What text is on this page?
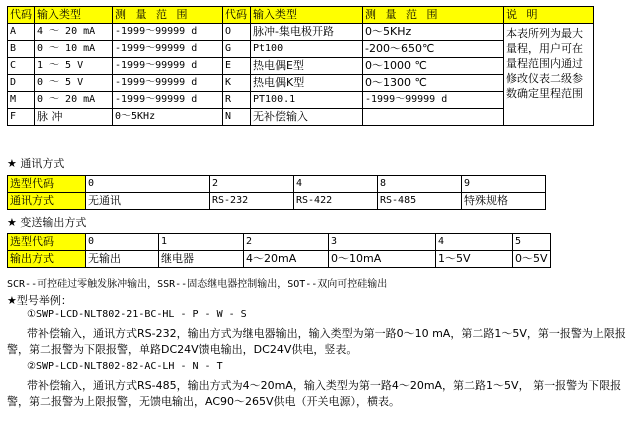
代码	输入类型	测 量 范 围	代码	输入类型	测 量 范 围	说 明
A	4 ～ 20 mA	-1999～99999 d	O	脉冲-集电极开路	0～5KHz	本表所列为最大量程，用户可在量程范围内通过修改仪表二级参数确定里程范围
B	0 ～ 10 mA	-1999～99999 d	G	Pt100	-200～650℃	
C	1 ～ 5 V	-1999～99999 d	E	热电偶E型	0～1000 ℃	
D	0 ～ 5 V	-1999～99999 d	K	热电偶K型	0～1300 ℃	
M	0 ～ 20 mA	-1999～99999 d	R	PT100.1	-1999～99999 d	
F	脉 冲	0～5KHz	N	无补偿输入		
★ 通讯方式
选型代码	0	2	4	8	9
通讯方式	无通讯	RS-232	RS-422	RS-485	特殊规格
★ 变送输出方式
选型代码	0	1	2	3	4	5
输出方式	无输出	继电器	4～20mA	0～10mA	1～5V	0～5V
SCR--可控硅过零触发脉冲输出，SSR--固态继电器控制输出，SOT--双向可控硅输出
★型号举例：
①SWP-LCD-NLT802-21-BC-HL - P - W - S
带补偿输入，通讯方式RS-232，输出方式为继电器输出，输入类型为第一路0～10 mA，第二路1～5V，第一报警为上限报警，第二报警为下限报警，单路DC24V馈电输出，DC24V供电，竖表。
②SWP-LCD-NLT802-82-AC-LH - N - T
带补偿输入，通讯方式RS-485，输出方式为4～20mA，输入类型为第一路4～20mA，第二路1～5V， 第一报警为下限报警，第二报警为上限报警，无馈电输出，AC90～265V供电（开关电源），横表。
